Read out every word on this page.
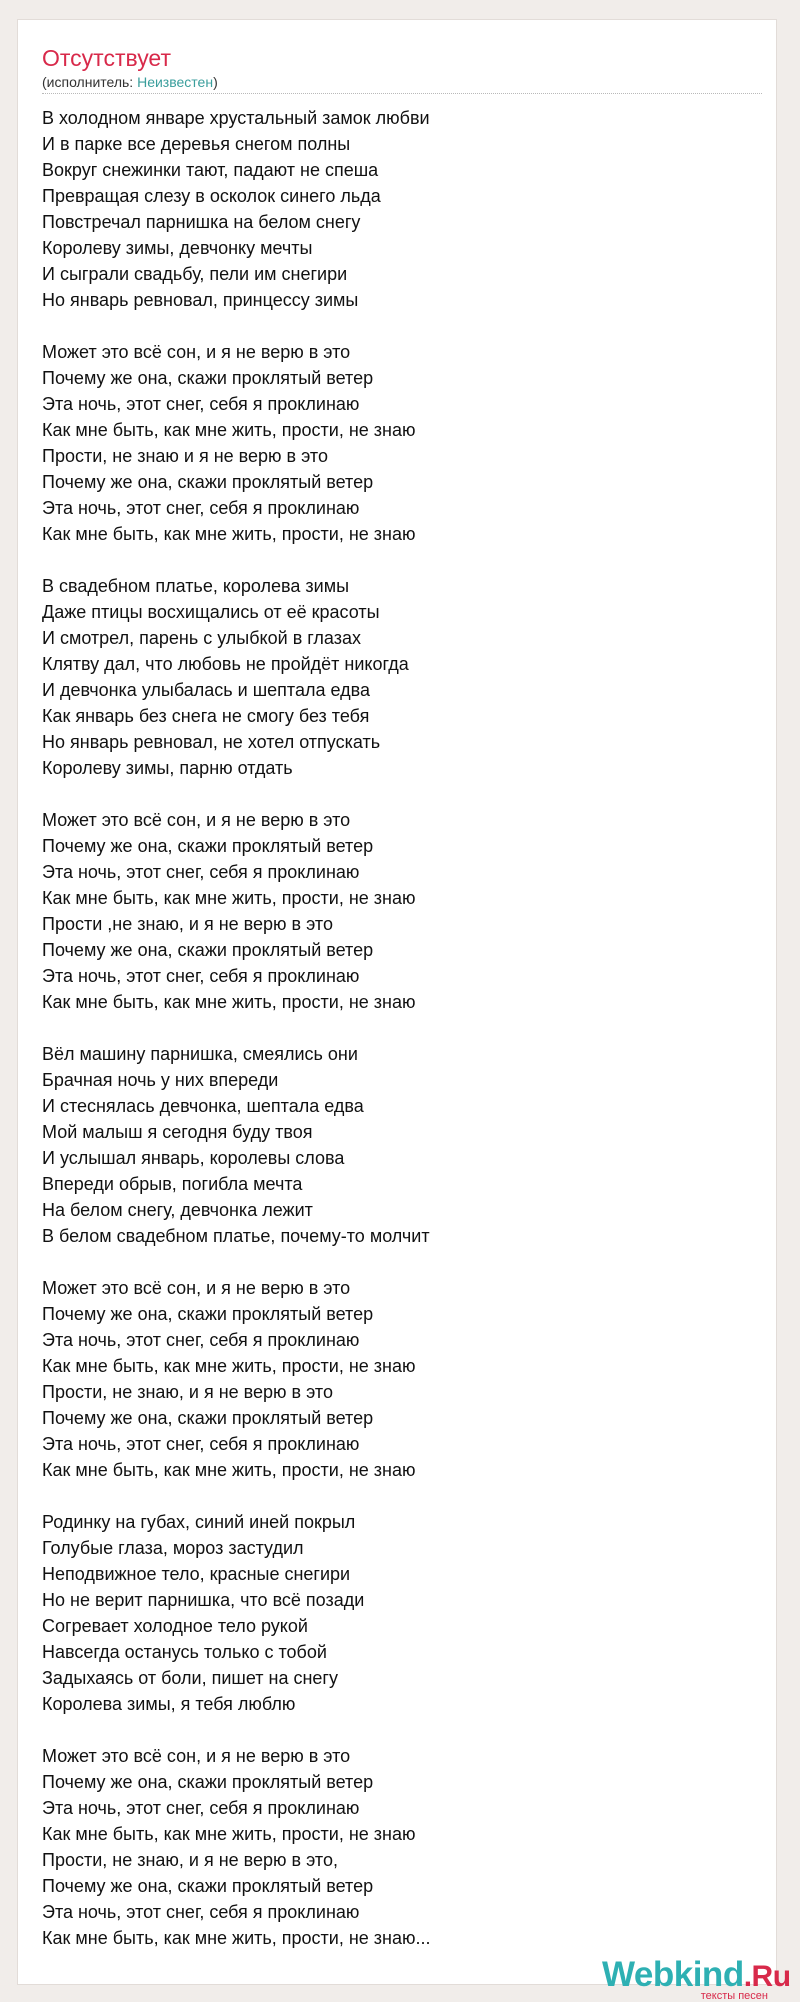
Отсутствует
(исполнитель: Неизвестен)
В холодном январе хрустальный замок любви
И в парке все деревья снегом полны
Вокруг снежинки тают, падают не спеша
Превращая слезу в осколок синего льда
Повстречал парнишка на белом снегу
Королеву зимы, девчонку мечты
И сыграли свадьбу, пели им снегири
Но январь ревновал, принцессу зимы
Может это всё сон, и я не верю в это
Почему же она, скажи проклятый ветер
Эта ночь, этот снег, себя я проклинаю
Как мне быть, как мне жить, прости, не знаю
Прости, не знаю и я не верю в это
Почему же она, скажи проклятый ветер
Эта ночь, этот снег, себя я проклинаю
Как мне быть, как мне жить, прости, не знаю
В свадебном платье, королева зимы
Даже птицы восхищались от её красоты
И смотрел, парень с улыбкой в глазах
Клятву дал, что любовь не пройдёт никогда
И девчонка улыбалась и шептала едва
Как январь без снега не смогу без тебя
Но январь ревновал, не хотел отпускать
Королеву зимы, парню отдать
Может это всё сон, и я не верю в это
Почему же она, скажи проклятый ветер
Эта ночь, этот снег, себя я проклинаю
Как мне быть, как мне жить, прости, не знаю
Прости ,не знаю, и я не верю в это
Почему же она, скажи проклятый ветер
Эта ночь, этот снег, себя я проклинаю
Как мне быть, как мне жить, прости, не знаю
Вёл машину парнишка, смеялись они
Брачная ночь у них впереди
И стеснялась девчонка, шептала едва
Мой малыш я сегодня буду твоя
И услышал январь, королевы слова
Впереди обрыв, погибла мечта
На белом снегу, девчонка лежит
В белом свадебном платье, почему-то молчит
Может это всё сон, и я не верю в это
Почему же она, скажи проклятый ветер
Эта ночь, этот снег, себя я проклинаю
Как мне быть, как мне жить, прости, не знаю
Прости, не знаю, и я не верю в это
Почему же она, скажи проклятый ветер
Эта ночь, этот снег, себя я проклинаю
Как мне быть, как мне жить, прости, не знаю
Родинку на губах, синий иней покрыл
Голубые глаза, мороз застудил
Неподвижное тело, красные снегири
Но не верит парнишка, что всё позади
Согревает холодное тело рукой
Навсегда останусь только с тобой
Задыхаясь от боли, пишет на снегу
Королева зимы, я тебя люблю
Может это всё сон, и я не верю в это
Почему же она, скажи проклятый ветер
Эта ночь, этот снег, себя я проклинаю
Как мне быть, как мне жить, прости, не знаю
Прости, не знаю, и я не верю в это,
Почему же она, скажи проклятый ветер
Эта ночь, этот снег, себя я проклинаю
Как мне быть, как мне жить, прости, не знаю...
Webkind.Ru
тексты песен
